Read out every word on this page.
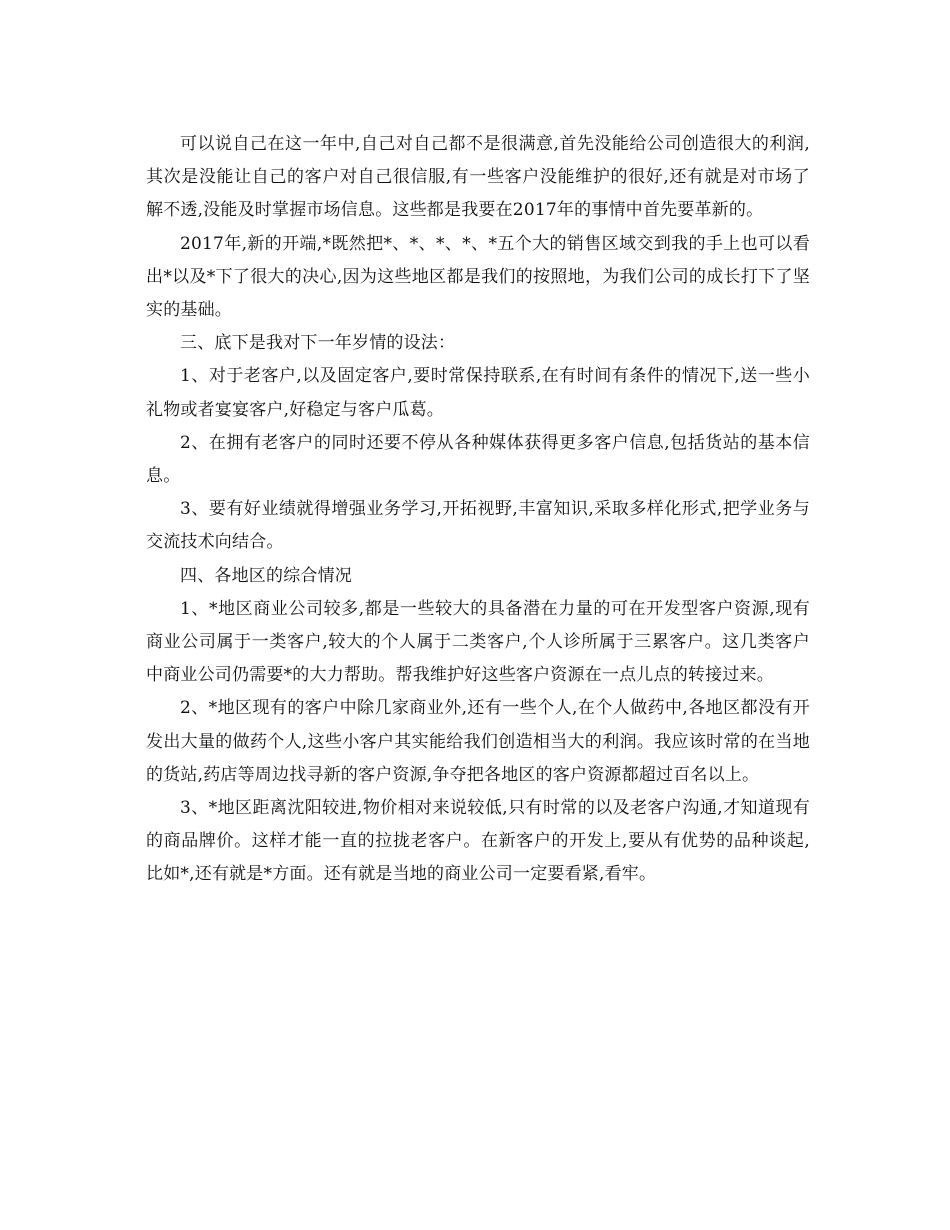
可以说自己在这一年中,自己对自己都不是很满意,首先没能给公司创造很大的利润,其次是没能让自己的客户对自己很信服,有一些客户没能维护的很好,还有就是对市场了解不透,没能及时掌握市场信息。这些都是我要在2017年的事情中首先要革新的。

2017年,新的开端,*既然把*、*、*、*、*五个大的销售区域交到我的手上也可以看出*以及*下了很大的决心,因为这些地区都是我们的按照地，为我们公司的成长打下了坚实的基础。

三、底下是我对下一年岁情的设法：

1、对于老客户,以及固定客户,要时常保持联系,在有时间有条件的情况下,送一些小礼物或者宴宴客户,好稳定与客户瓜葛。

2、在拥有老客户的同时还要不停从各种媒体获得更多客户信息,包括货站的基本信息。

3、要有好业绩就得增强业务学习,开拓视野,丰富知识,采取多样化形式,把学业务与交流技术向结合。

四、各地区的综合情况

1、*地区商业公司较多,都是一些较大的具备潜在力量的可在开发型客户资源,现有商业公司属于一类客户,较大的个人属于二类客户,个人诊所属于三累客户。这几类客户中商业公司仍需要*的大力帮助。帮我维护好这些客户资源在一点儿点的转接过来。

2、*地区现有的客户中除几家商业外,还有一些个人,在个人做药中,各地区都没有开发出大量的做药个人,这些小客户其实能给我们创造相当大的利润。我应该时常的在当地的货站,药店等周边找寻新的客户资源,争夺把各地区的客户资源都超过百名以上。

3、*地区距离沈阳较进,物价相对来说较低,只有时常的以及老客户沟通,才知道现有的商品牌价。这样才能一直的拉拢老客户。在新客户的开发上,要从有优势的品种谈起,比如*,还有就是*方面。还有就是当地的商业公司一定要看紧,看牢。
